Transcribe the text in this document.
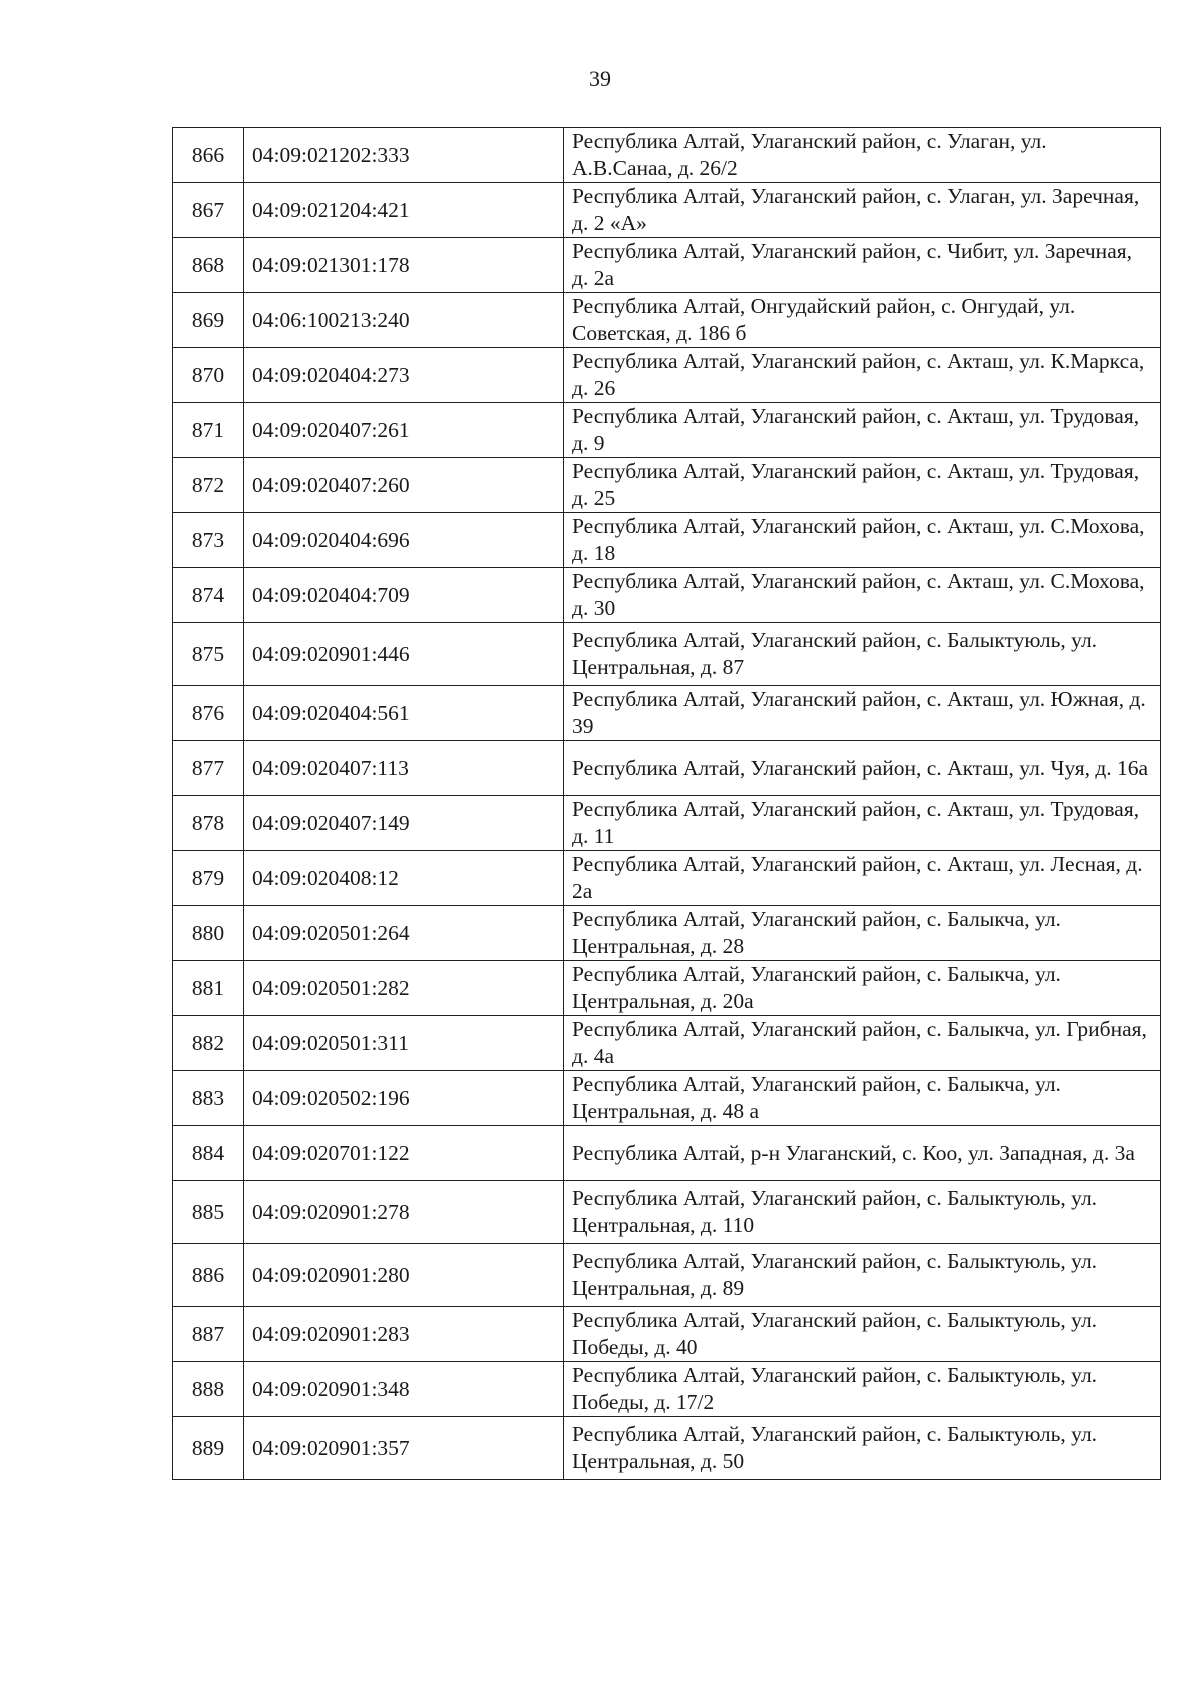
39
866	04:09:021202:333	Республика Алтай, Улаганский район, с. Улаган, ул. А.В.Санаа, д. 26/2
867	04:09:021204:421	Республика Алтай, Улаганский район, с. Улаган, ул. Заречная, д. 2 «А»
868	04:09:021301:178	Республика Алтай, Улаганский район, с. Чибит, ул. Заречная, д. 2а
869	04:06:100213:240	Республика Алтай, Онгудайский район, с. Онгудай, ул. Советская, д. 186 б
870	04:09:020404:273	Республика Алтай, Улаганский район, с. Акташ, ул. К.Маркса, д. 26
871	04:09:020407:261	Республика Алтай, Улаганский район, с. Акташ, ул. Трудовая, д. 9
872	04:09:020407:260	Республика Алтай, Улаганский район, с. Акташ, ул. Трудовая, д. 25
873	04:09:020404:696	Республика Алтай, Улаганский район, с. Акташ, ул. С.Мохова, д. 18
874	04:09:020404:709	Республика Алтай, Улаганский район, с. Акташ, ул. С.Мохова, д. 30
875	04:09:020901:446	Республика Алтай, Улаганский район, с. Балыктуюль, ул. Центральная, д. 87
876	04:09:020404:561	Республика Алтай, Улаганский район, с. Акташ, ул. Южная, д. 39
877	04:09:020407:113	Республика Алтай, Улаганский район, с. Акташ, ул. Чуя, д. 16а
878	04:09:020407:149	Республика Алтай, Улаганский район, с. Акташ, ул. Трудовая, д. 11
879	04:09:020408:12	Республика Алтай, Улаганский район, с. Акташ, ул. Лесная, д. 2а
880	04:09:020501:264	Республика Алтай, Улаганский район, с. Балыкча, ул. Центральная, д. 28
881	04:09:020501:282	Республика Алтай, Улаганский район, с. Балыкча, ул. Центральная, д. 20а
882	04:09:020501:311	Республика Алтай, Улаганский район, с. Балыкча, ул. Грибная, д. 4а
883	04:09:020502:196	Республика Алтай, Улаганский район, с. Балыкча, ул. Центральная, д. 48 а
884	04:09:020701:122	Республика Алтай, р-н Улаганский, с. Коо, ул. Западная, д. 3а
885	04:09:020901:278	Республика Алтай, Улаганский район, с. Балыктуюль, ул. Центральная, д. 110
886	04:09:020901:280	Республика Алтай, Улаганский район, с. Балыктуюль, ул. Центральная, д. 89
887	04:09:020901:283	Республика Алтай, Улаганский район, с. Балыктуюль, ул. Победы, д. 40
888	04:09:020901:348	Республика Алтай, Улаганский район, с. Балыктуюль, ул. Победы, д. 17/2
889	04:09:020901:357	Республика Алтай, Улаганский район, с. Балыктуюль, ул. Центральная, д. 50
